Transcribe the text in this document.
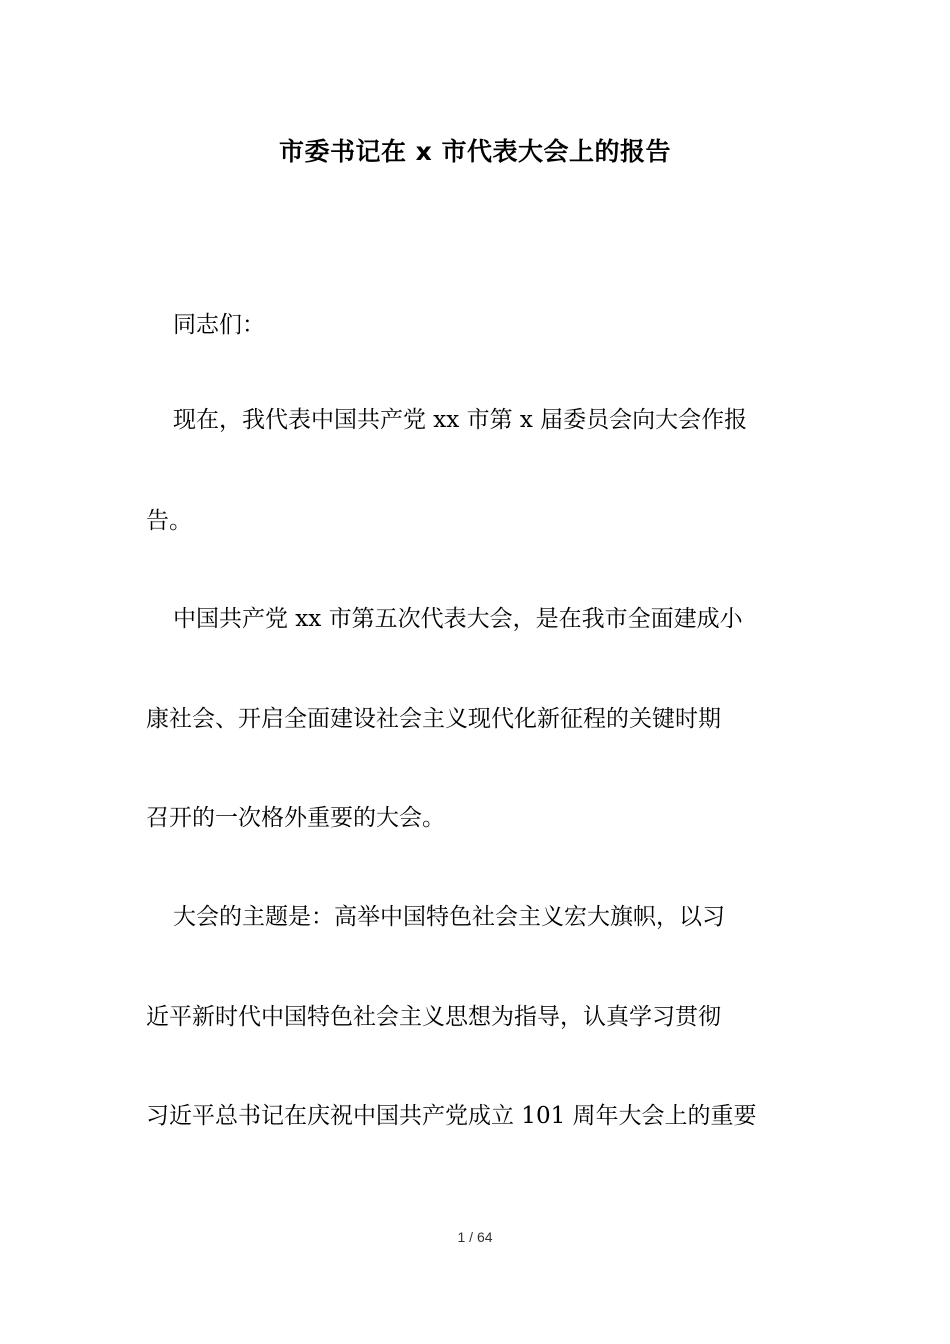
市委书记在 x 市代表大会上的报告
同志们：
现在，我代表中国共产党 xx 市第 x 届委员会向大会作报
告。
中国共产党 xx 市第五次代表大会，是在我市全面建成小
康社会、开启全面建设社会主义现代化新征程的关键时期
召开的一次格外重要的大会。
大会的主题是：高举中国特色社会主义宏大旗帜，以习
近平新时代中国特色社会主义思想为指导，认真学习贯彻
习近平总书记在庆祝中国共产党成立 101 周年大会上的重要
1 / 64
